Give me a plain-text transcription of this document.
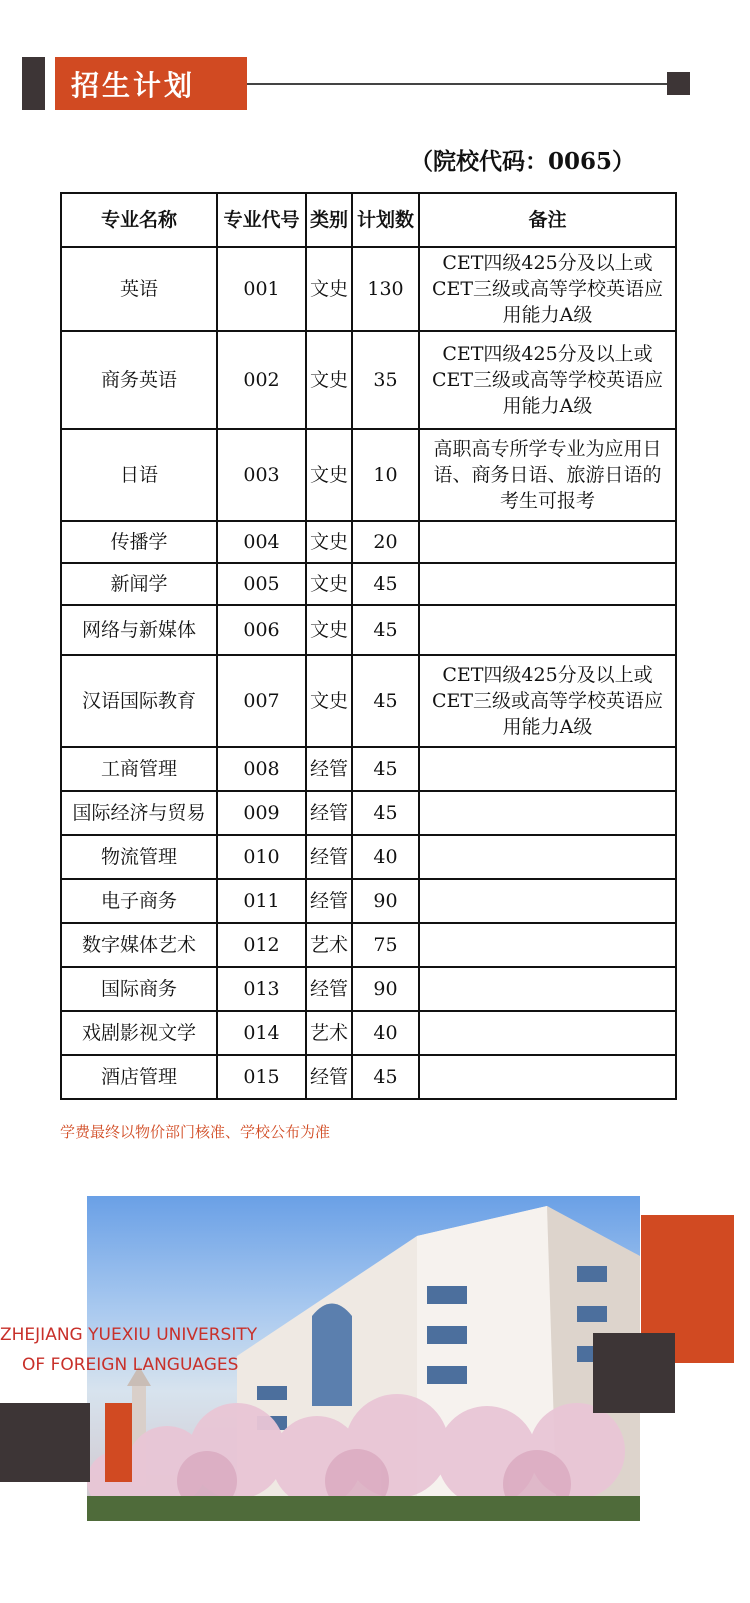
招生计划
（院校代码：0065）
专业名称	专业代号	类别	计划数	备注
英语	001	文史	130	CET四级425分及以上或CET三级或高等学校英语应用能力A级
商务英语	002	文史	35	CET四级425分及以上或CET三级或高等学校英语应用能力A级
日语	003	文史	10	高职高专所学专业为应用日语、商务日语、旅游日语的考生可报考
传播学	004	文史	20	
新闻学	005	文史	45	
网络与新媒体	006	文史	45	
汉语国际教育	007	文史	45	CET四级425分及以上或CET三级或高等学校英语应用能力A级
工商管理	008	经管	45	
国际经济与贸易	009	经管	45	
物流管理	010	经管	40	
电子商务	011	经管	90	
数字媒体艺术	012	艺术	75	
国际商务	013	经管	90	
戏剧影视文学	014	艺术	40	
酒店管理	015	经管	45	
学费最终以物价部门核准、学校公布为准
ZHEJIANG YUEXIU UNIVERSITY
OF FOREIGN LANGUAGES
